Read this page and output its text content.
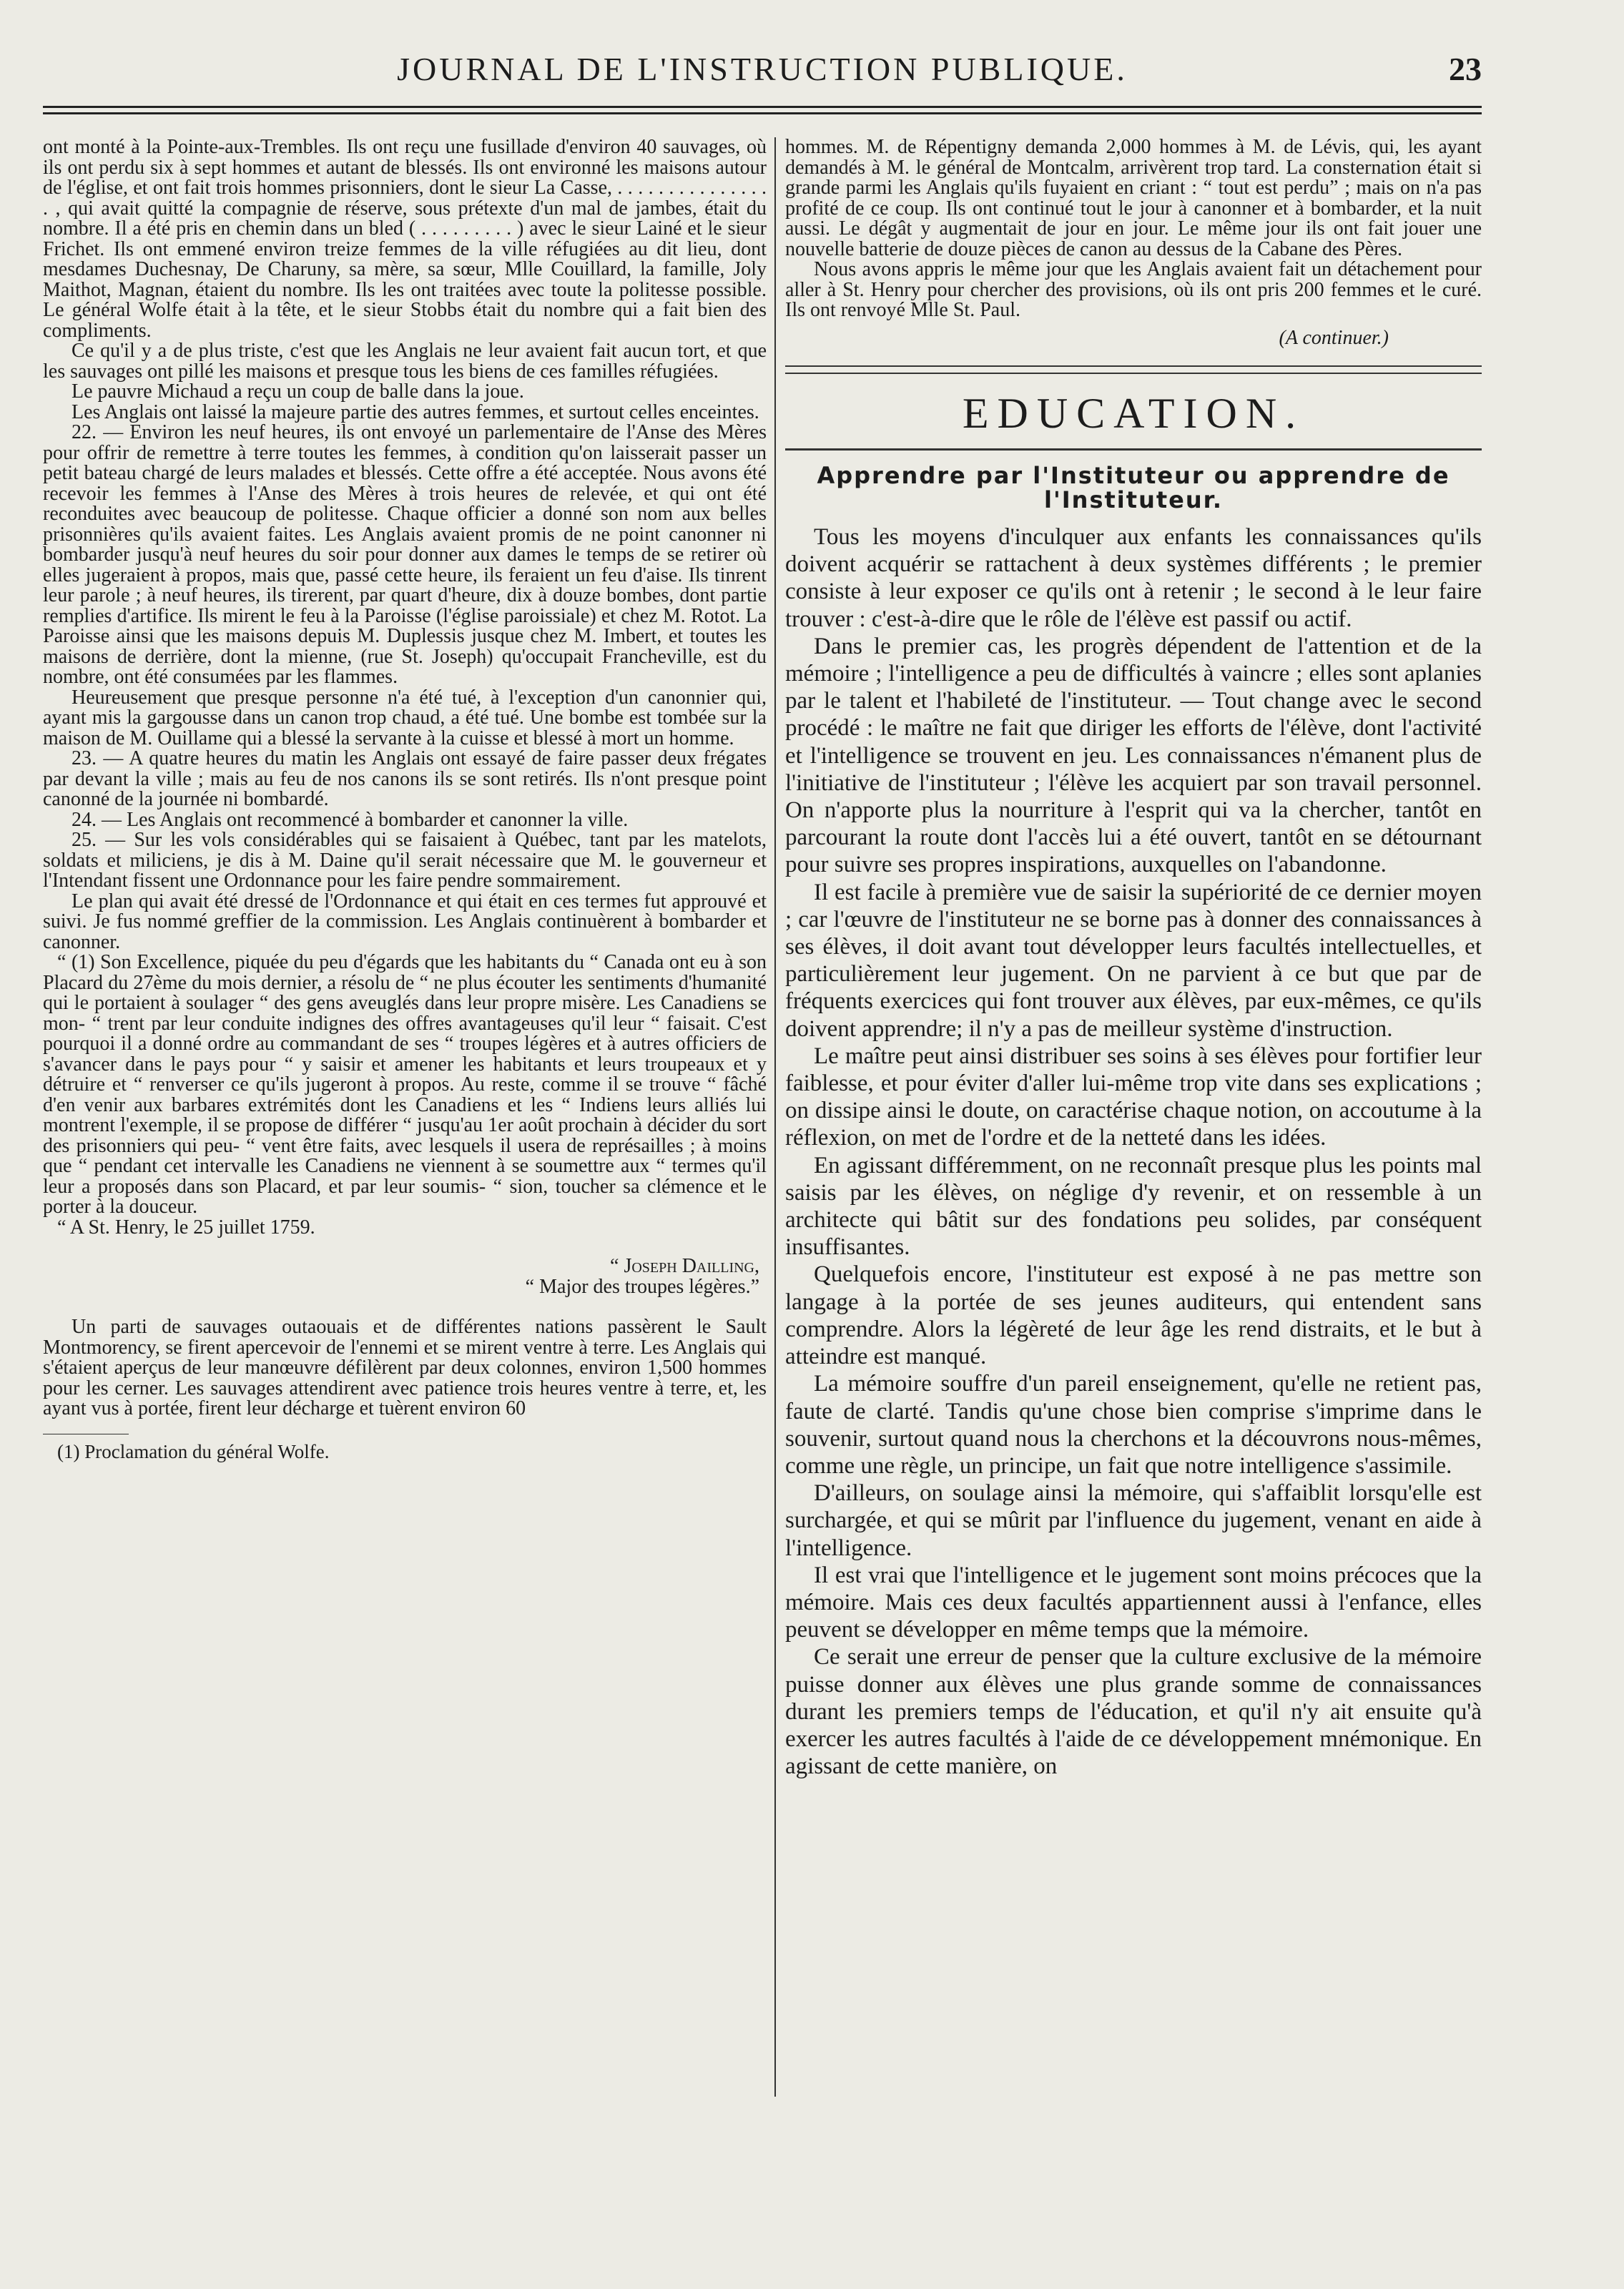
JOURNAL DE L'INSTRUCTION PUBLIQUE.	23

ont monté à la Pointe-aux-Trembles. Ils ont reçu une fusillade d'environ 40 sauvages, où ils ont perdu six à sept hommes et autant de blessés. Ils ont environné les maisons autour de l'église, et ont fait trois hommes prisonniers, dont le sieur La Casse, . . . . . . . . . . . . . . . . , qui avait quitté la compagnie de réserve, sous prétexte d'un mal de jambes, était du nombre. Il a été pris en chemin dans un bled ( . . . . . . . . . ) avec le sieur Lainé et le sieur Frichet. Ils ont emmené environ treize femmes de la ville réfugiées au dit lieu, dont mesdames Duchesnay, De Charuny, sa mère, sa sœur, Mlle Couillard, la famille, Joly Maithot, Magnan, étaient du nombre. Ils les ont traitées avec toute la politesse possible. Le général Wolfe était à la tête, et le sieur Stobbs était du nombre qui a fait bien des compliments.

Ce qu'il y a de plus triste, c'est que les Anglais ne leur avaient fait aucun tort, et que les sauvages ont pillé les maisons et presque tous les biens de ces familles réfugiées.

Le pauvre Michaud a reçu un coup de balle dans la joue.

Les Anglais ont laissé la majeure partie des autres femmes, et surtout celles enceintes.

22. — Environ les neuf heures, ils ont envoyé un parlementaire de l'Anse des Mères pour offrir de remettre à terre toutes les femmes, à condition qu'on laisserait passer un petit bateau chargé de leurs malades et blessés. Cette offre a été acceptée. Nous avons été recevoir les femmes à l'Anse des Mères à trois heures de relevée, et qui ont été reconduites avec beaucoup de politesse. Chaque officier a donné son nom aux belles prisonnières qu'ils avaient faites. Les Anglais avaient promis de ne point canonner ni bombarder jusqu'à neuf heures du soir pour donner aux dames le temps de se retirer où elles jugeraient à propos, mais que, passé cette heure, ils feraient un feu d'aise. Ils tinrent leur parole ; à neuf heures, ils tirerent, par quart d'heure, dix à douze bombes, dont partie remplies d'artifice. Ils mirent le feu à la Paroisse (l'église paroissiale) et chez M. Rotot. La Paroisse ainsi que les maisons depuis M. Duplessis jusque chez M. Imbert, et toutes les maisons de derrière, dont la mienne, (rue St. Joseph) qu'occupait Francheville, est du nombre, ont été consumées par les flammes.

Heureusement que presque personne n'a été tué, à l'exception d'un canonnier qui, ayant mis la gargousse dans un canon trop chaud, a été tué. Une bombe est tombée sur la maison de M. Ouillame qui a blessé la servante à la cuisse et blessé à mort un homme.

23. — A quatre heures du matin les Anglais ont essayé de faire passer deux frégates par devant la ville ; mais au feu de nos canons ils se sont retirés. Ils n'ont presque point canonné de la journée ni bombardé.

24. — Les Anglais ont recommencé à bombarder et canonner la ville.

25. — Sur les vols considérables qui se faisaient à Québec, tant par les matelots, soldats et miliciens, je dis à M. Daine qu'il serait nécessaire que M. le gouverneur et l'Intendant fissent une Ordonnance pour les faire pendre sommairement.

Le plan qui avait été dressé de l'Ordonnance et qui était en ces termes fut approuvé et suivi. Je fus nommé greffier de la commission. Les Anglais continuèrent à bombarder et canonner.

“ (1) Son Excellence, piquée du peu d'égards que les habitants du “ Canada ont eu à son Placard du 27ème du mois dernier, a résolu de “ ne plus écouter les sentiments d'humanité qui le portaient à soulager “ des gens aveuglés dans leur propre misère. Les Canadiens se mon- “ trent par leur conduite indignes des offres avantageuses qu'il leur “ faisait. C'est pourquoi il a donné ordre au commandant de ses “ troupes légères et à autres officiers de s'avancer dans le pays pour “ y saisir et amener les habitants et leurs troupeaux et y détruire et “ renverser ce qu'ils jugeront à propos. Au reste, comme il se trouve “ fâché d'en venir aux barbares extrémités dont les Canadiens et les “ Indiens leurs alliés lui montrent l'exemple, il se propose de différer “ jusqu'au 1er août prochain à décider du sort des prisonniers qui peu- “ vent être faits, avec lesquels il usera de représailles ; à moins que “ pendant cet intervalle les Canadiens ne viennent à se soumettre aux “ termes qu'il leur a proposés dans son Placard, et par leur soumis- “ sion, toucher sa clémence et le porter à la douceur.

“ A St. Henry, le 25 juillet 1759.

“ Joseph Dailling,
“ Major des troupes légères.”

Un parti de sauvages outaouais et de différentes nations passèrent le Sault Montmorency, se firent apercevoir de l'ennemi et se mirent ventre à terre. Les Anglais qui s'étaient aperçus de leur manœuvre défilèrent par deux colonnes, environ 1,500 hommes pour les cerner. Les sauvages attendirent avec patience trois heures ventre à terre, et, les ayant vus à portée, firent leur décharge et tuèrent environ 60

(1) Proclamation du général Wolfe.

hommes. M. de Répentigny demanda 2,000 hommes à M. de Lévis, qui, les ayant demandés à M. le général de Montcalm, arrivèrent trop tard. La consternation était si grande parmi les Anglais qu'ils fuyaient en criant : “ tout est perdu” ; mais on n'a pas profité de ce coup. Ils ont continué tout le jour à canonner et à bombarder, et la nuit aussi. Le dégât y augmentait de jour en jour. Le même jour ils ont fait jouer une nouvelle batterie de douze pièces de canon au dessus de la Cabane des Pères.

Nous avons appris le même jour que les Anglais avaient fait un détachement pour aller à St. Henry pour chercher des provisions, où ils ont pris 200 femmes et le curé. Ils ont renvoyé Mlle St. Paul.

(A continuer.)
EDUCATION.
Apprendre par l'Instituteur ou apprendre de l'Instituteur.

Tous les moyens d'inculquer aux enfants les connaissances qu'ils doivent acquérir se rattachent à deux systèmes différents ; le premier consiste à leur exposer ce qu'ils ont à retenir ; le second à le leur faire trouver : c'est-à-dire que le rôle de l'élève est passif ou actif.

Dans le premier cas, les progrès dépendent de l'attention et de la mémoire ; l'intelligence a peu de difficultés à vaincre ; elles sont aplanies par le talent et l'habileté de l'instituteur. — Tout change avec le second procédé : le maître ne fait que diriger les efforts de l'élève, dont l'activité et l'intelligence se trouvent en jeu. Les connaissances n'émanent plus de l'initiative de l'instituteur ; l'élève les acquiert par son travail personnel. On n'apporte plus la nourriture à l'esprit qui va la chercher, tantôt en parcourant la route dont l'accès lui a été ouvert, tantôt en se détournant pour suivre ses propres inspirations, auxquelles on l'abandonne.

Il est facile à première vue de saisir la supériorité de ce dernier moyen ; car l'œuvre de l'instituteur ne se borne pas à donner des connaissances à ses élèves, il doit avant tout développer leurs facultés intellectuelles, et particulièrement leur jugement. On ne parvient à ce but que par de fréquents exercices qui font trouver aux élèves, par eux-mêmes, ce qu'ils doivent apprendre; il n'y a pas de meilleur système d'instruction.

Le maître peut ainsi distribuer ses soins à ses élèves pour fortifier leur faiblesse, et pour éviter d'aller lui-même trop vite dans ses explications ; on dissipe ainsi le doute, on caractérise chaque notion, on accoutume à la réflexion, on met de l'ordre et de la netteté dans les idées.

En agissant différemment, on ne reconnaît presque plus les points mal saisis par les élèves, on néglige d'y revenir, et on ressemble à un architecte qui bâtit sur des fondations peu solides, par conséquent insuffisantes.

Quelquefois encore, l'instituteur est exposé à ne pas mettre son langage à la portée de ses jeunes auditeurs, qui entendent sans comprendre. Alors la légèreté de leur âge les rend distraits, et le but à atteindre est manqué.

La mémoire souffre d'un pareil enseignement, qu'elle ne retient pas, faute de clarté. Tandis qu'une chose bien comprise s'imprime dans le souvenir, surtout quand nous la cherchons et la découvrons nous-mêmes, comme une règle, un principe, un fait que notre intelligence s'assimile.

D'ailleurs, on soulage ainsi la mémoire, qui s'affaiblit lorsqu'elle est surchargée, et qui se mûrit par l'influence du jugement, venant en aide à l'intelligence.

Il est vrai que l'intelligence et le jugement sont moins précoces que la mémoire. Mais ces deux facultés appartiennent aussi à l'enfance, elles peuvent se développer en même temps que la mémoire.

Ce serait une erreur de penser que la culture exclusive de la mémoire puisse donner aux élèves une plus grande somme de connaissances durant les premiers temps de l'éducation, et qu'il n'y ait ensuite qu'à exercer les autres facultés à l'aide de ce développement mnémonique. En agissant de cette manière, on
